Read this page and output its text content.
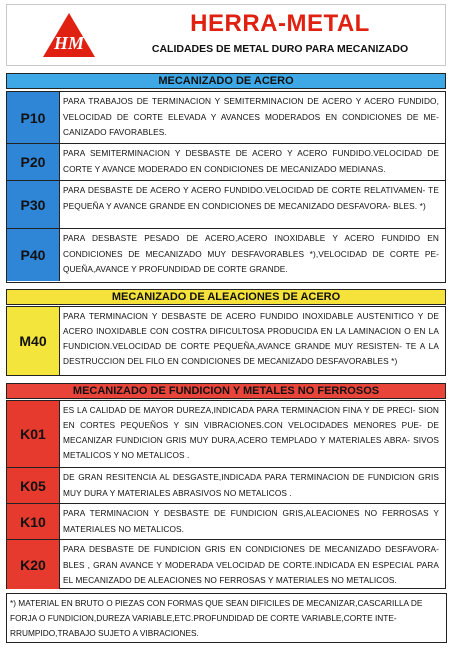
HM
HERRA-METAL
CALIDADES DE METAL DURO PARA MECANIZADO
MECANIZADO DE ACERO
P10
PARA TRABAJOS DE TERMINACION Y SEMITERMINACION DE ACERO Y ACERO FUNDIDO, VELOCIDAD DE CORTE ELEVADA Y AVANCES MODERADOS EN CONDICIONES DE ME- CANIZADO FAVORABLES.
P20
PARA SEMITERMINACION Y DESBASTE DE ACERO Y ACERO FUNDIDO.VELOCIDAD DE CORTE Y AVANCE MODERADO EN CONDICIONES DE MECANIZADO MEDIANAS.
P30
PARA DESBASTE DE ACERO Y ACERO FUNDIDO.VELOCIDAD DE CORTE RELATIVAMEN- TE PEQUEÑA Y AVANCE GRANDE EN CONDICIONES DE MECANIZADO DESFAVORA- BLES. *)
P40
PARA DESBASTE PESADO DE ACERO,ACERO INOXIDABLE Y ACERO FUNDIDO EN CONDICIONES DE MECANIZADO MUY DESFAVORABLES *),VELOCIDAD DE CORTE PE- QUEÑA,AVANCE Y PROFUNDIDAD DE CORTE GRANDE.
MECANIZADO DE ALEACIONES DE ACERO
M40
PARA TERMINACION Y DESBASTE DE ACERO FUNDIDO INOXIDABLE AUSTENITICO Y DE ACERO INOXIDABLE CON COSTRA DIFICULTOSA PRODUCIDA EN LA LAMINACION O EN LA FUNDICION.VELOCIDAD DE CORTE PEQUEÑA,AVANCE GRANDE MUY RESISTEN- TE A LA DESTRUCCION DEL FILO EN CONDICIONES DE MECANIZADO DESFAVORABLES *)
MECANIZADO DE FUNDICION Y METALES NO FERROSOS
K01
ES LA CALIDAD DE MAYOR DUREZA,INDICADA PARA TERMINACION FINA Y DE PRECI- SION EN CORTES PEQUEÑOS Y SIN VIBRACIONES.CON VELOCIDADES MENORES PUE- DE MECANIZAR FUNDICION GRIS MUY DURA,ACERO TEMPLADO Y MATERIALES ABRA- SIVOS METALICOS Y NO METALICOS .
K05
DE GRAN RESITENCIA AL DESGASTE,INDICADA PARA TERMINACION DE FUNDICION GRIS MUY DURA Y MATERIALES ABRASIVOS NO METALICOS .
K10
PARA TERMINACION Y DESBASTE DE FUNDICION GRIS,ALEACIONES NO FERROSAS Y MATERIALES NO METALICOS.
K20
PARA DESBASTE DE FUNDICION GRIS EN CONDICIONES DE MECANIZADO DESFAVORA- BLES , GRAN AVANCE Y MODERADA VELOCIDAD DE CORTE.INDICADA EN ESPECIAL PARA EL MECANIZADO DE ALEACIONES NO FERROSAS Y MATERIALES NO METALICOS.
*) MATERIAL EN BRUTO O PIEZAS CON FORMAS QUE SEAN DIFICILES DE MECANIZAR,CASCARILLA DE FORJA O FUNDICION,DUREZA VARIABLE,ETC.PROFUNDIDAD DE CORTE VARIABLE,CORTE INTE- RRUMPIDO,TRABAJO SUJETO A VIBRACIONES.
